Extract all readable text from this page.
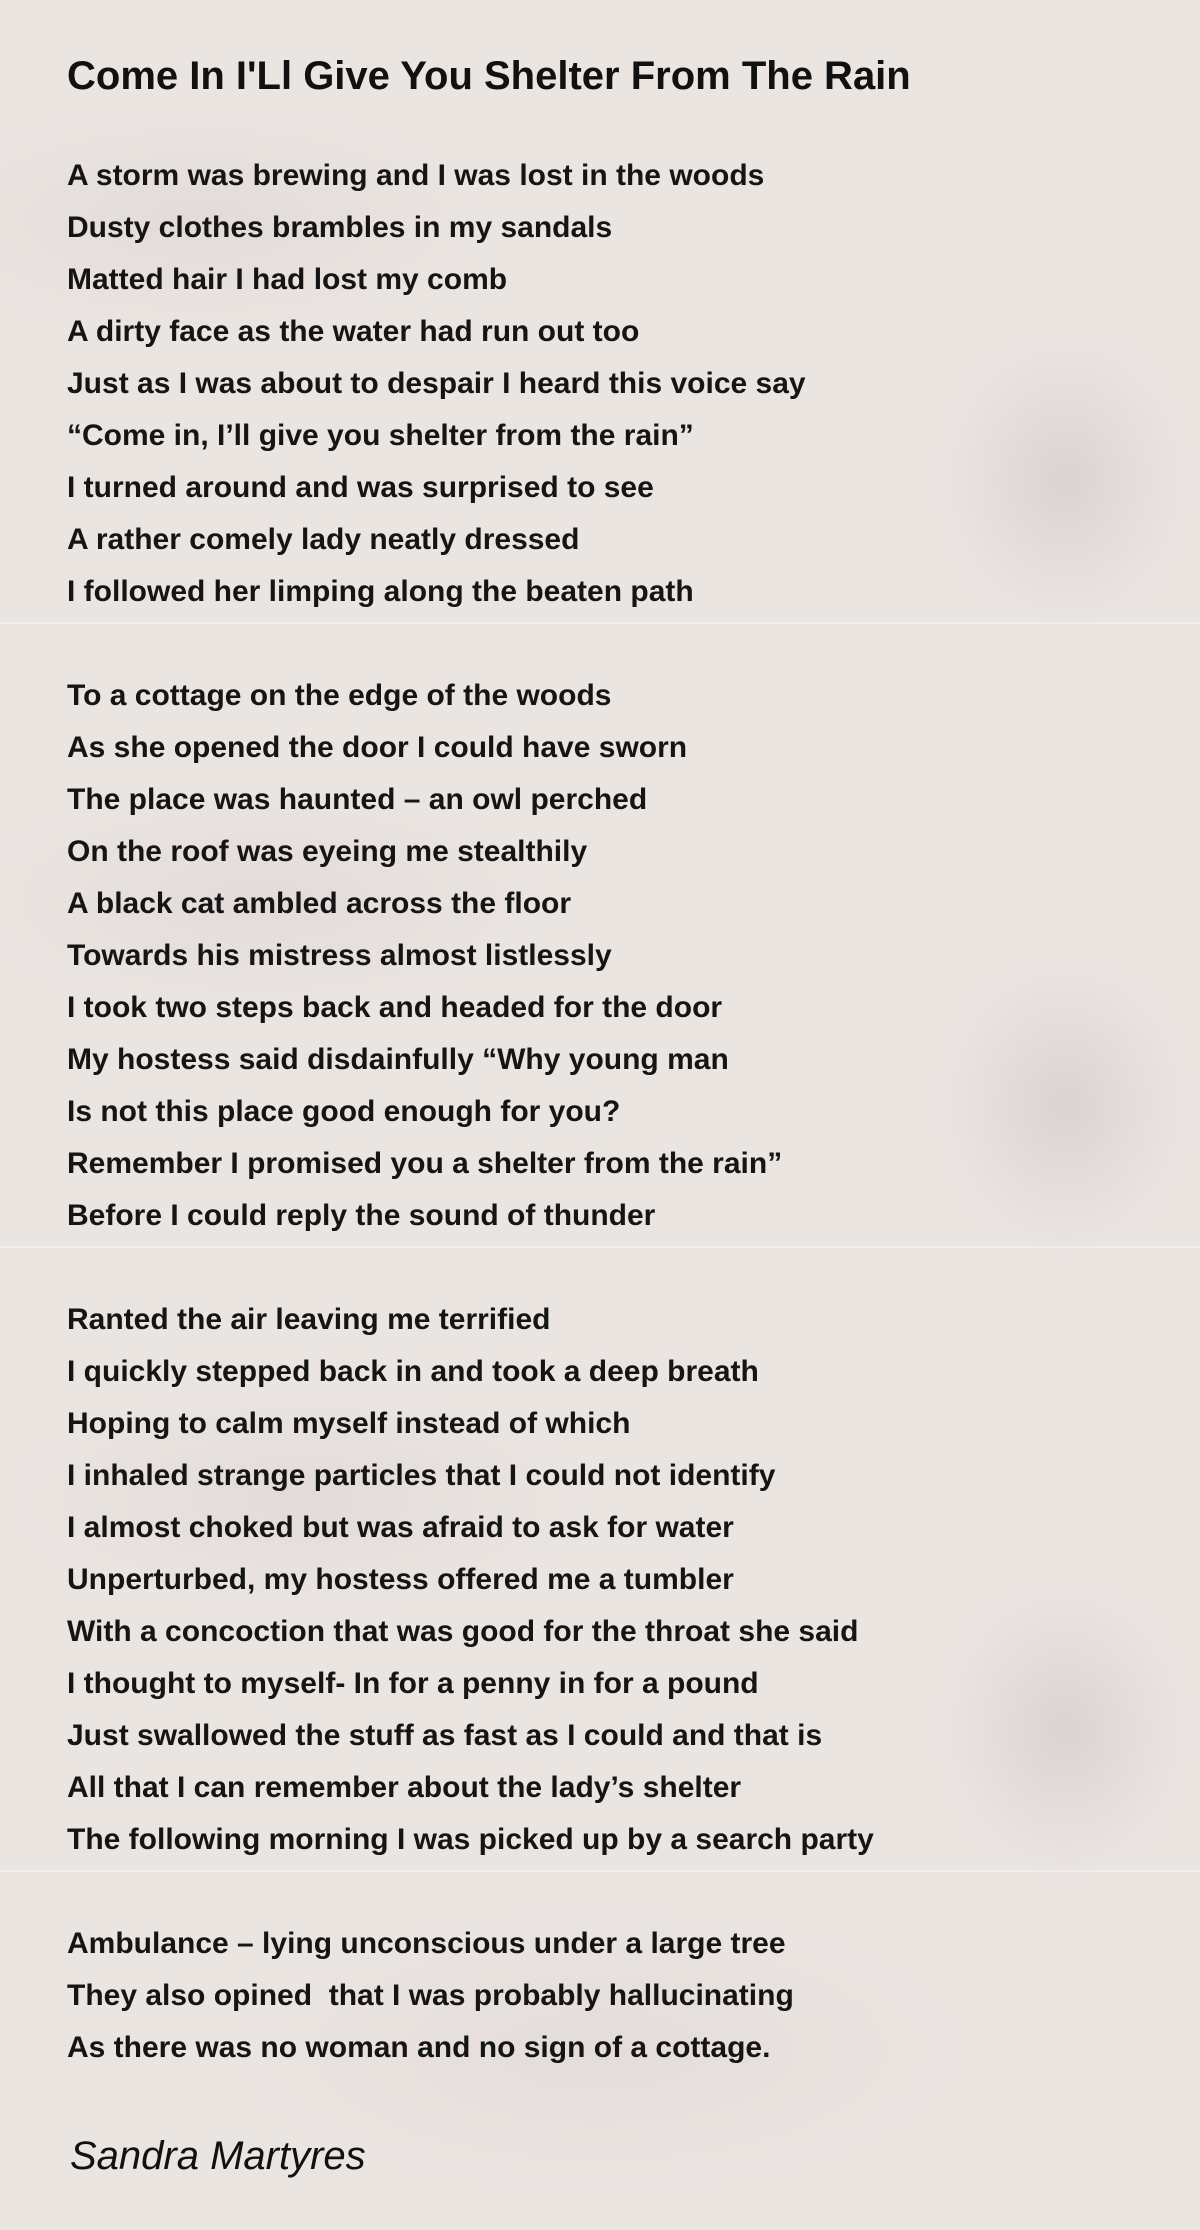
Come In I'Ll Give You Shelter From The Rain
A storm was brewing and I was lost in the woods
Dusty clothes brambles in my sandals
Matted hair I had lost my comb
A dirty face as the water had run out too
Just as I was about to despair I heard this voice say
“Come in, I’ll give you shelter from the rain”
I turned around and was surprised to see
A rather comely lady neatly dressed
I followed her limping along the beaten path
To a cottage on the edge of the woods
As she opened the door I could have sworn
The place was haunted – an owl perched
On the roof was eyeing me stealthily
A black cat ambled across the floor
Towards his mistress almost listlessly
I took two steps back and headed for the door
My hostess said disdainfully “Why young man
Is not this place good enough for you?
Remember I promised you a shelter from the rain”
Before I could reply the sound of thunder
Ranted the air leaving me terrified
I quickly stepped back in and took a deep breath
Hoping to calm myself instead of which
I inhaled strange particles that I could not identify
I almost choked but was afraid to ask for water
Unperturbed, my hostess offered me a tumbler
With a concoction that was good for the throat she said
I thought to myself- In for a penny in for a pound
Just swallowed the stuff as fast as I could and that is
All that I can remember about the lady’s shelter
The following morning I was picked up by a search party
Ambulance – lying unconscious under a large tree
They also opined  that I was probably hallucinating
As there was no woman and no sign of a cottage.
Sandra Martyres
